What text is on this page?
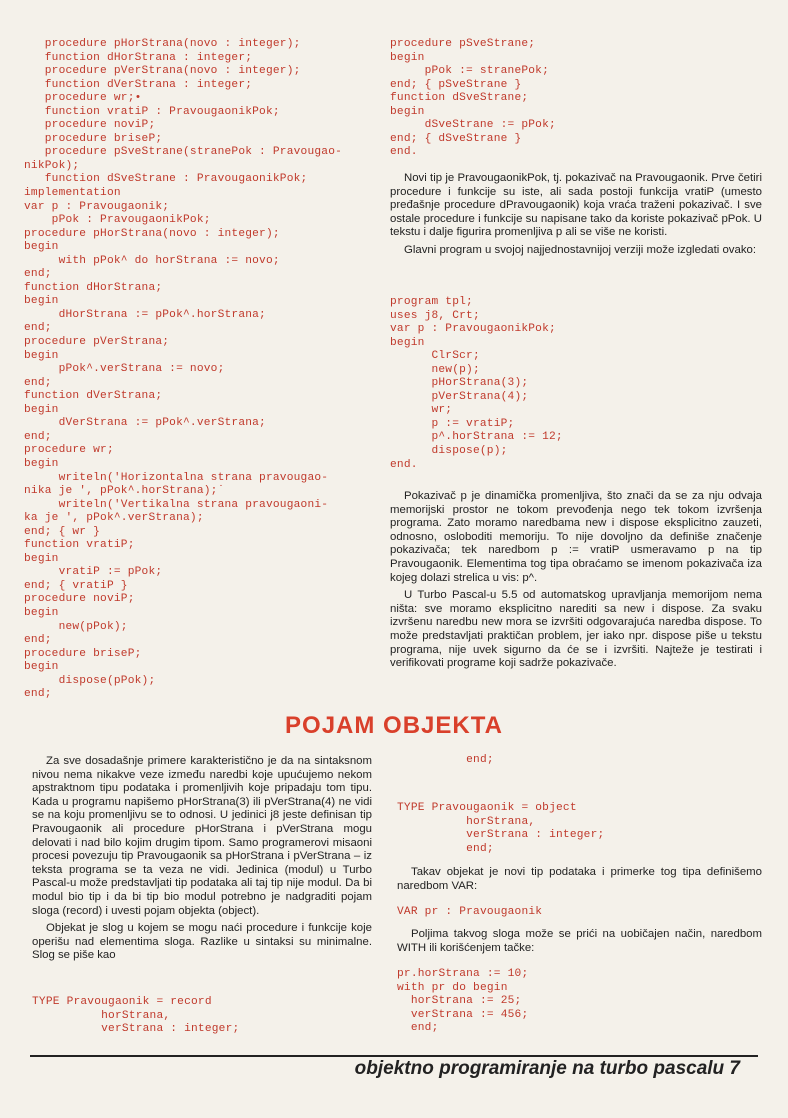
procedure pHorStrana(novo : integer);
function dHorStrana : integer;
procedure pVerStrana(novo : integer);
function dVerStrana : integer;
procedure wr;•
function vratiP : PravougaonikPok;
procedure noviP;
procedure briseP;
procedure pSveStrane(stranePok : Pravougao-
nikPok);
function dSveStrane : PravougaonikPok;
implementation
var p : Pravougaonik;
pPok : PravougaonikPok;
procedure pHorStrana(novo : integer);
begin
with pPok^ do horStrana := novo;
end;
function dHorStrana;
begin
dHorStrana := pPok^.horStrana;
end;
procedure pVerStrana;
begin
pPok^.verStrana := novo;
end;
function dVerStrana;
begin
dVerStrana := pPok^.verStrana;
end;
procedure wr;
begin
writeln('Horizontalna strana pravougao-
nika je ', pPok^.horStrana);˙
writeln('Vertikalna strana pravougaoni-
ka je ', pPok^.verStrana);
end; { wr }
function vratiP;
begin
vratiP := pPok;
end; { vratiP }
procedure noviP;
begin
new(pPok);
end;
procedure briseP;
begin
dispose(pPok);
end;
procedure pSveStrane;
begin
pPok := stranePok;
end; { pSveStrane }
function dSveStrane;
begin
dSveStrane := pPok;
end; { dSveStrane }
end.

Novi tip je PravougaonikPok, tj. pokazivač na Pravougaonik. Prve četiri procedure i funkcije su iste, ali sada postoji funkcija vratiP (umesto pređašnje procedure dPravougaonik) koja vraća traženi pokazivač. I sve ostale procedure i funkcije su napisane tako da koriste pokazivač pPok. U tekstu i dalje figurira promenljiva p ali se više ne koristi.

Glavni program u svojoj najjednostavnijoj verziji može izgledati ovako:

program tpl;
uses j8, Crt;
var p : PravougaonikPok;
begin
ClrScr;
new(p);
pHorStrana(3);
pVerStrana(4);
wr;
p := vratiP;
p^.horStrana := 12;
dispose(p);
end.

Pokazivač p je dinamička promenljiva, što znači da se za nju odvaja memorijski prostor ne tokom prevođenja nego tek tokom izvršenja programa. Zato moramo naredbama new i dispose eksplicitno zauzeti, odnosno, osloboditi memoriju. To nije dovoljno da definiše značenje pokazivača; tek naredbom p := vratiP usmeravamo p na tip Pravougaonik. Elementima tog tipa obraćamo se imenom pokazivača iza kojeg dolazi strelica u vis: p^.

U Turbo Pascal-u 5.5 od automatskog upravljanja memorijom nema ništa: sve moramo eksplicitno narediti sa new i dispose. Za svaku izvršenu naredbu new mora se izvršiti odgovarajuća naredba dispose. To može predstavljati praktičan problem, jer iako npr. dispose piše u tekstu programa, nije uvek sigurno da će se i izvršiti. Najteže je testirati i verifikovati programe koji sadrže pokazivače.

POJAM OBJEKTA

Za sve dosadašnje primere karakteristično je da na sintaksnom nivou nema nikakve veze između naredbi koje upućujemo nekom apstraktnom tipu podataka i promenljivih koje pripadaju tom tipu. Kada u programu napišemo pHorStrana(3) ili pVerStrana(4) ne vidi se na koju promenljivu se to odnosi. U jedinici j8 jeste definisan tip Pravougaonik ali procedure pHorStrana i pVerStrana mogu delovati i nad bilo kojim drugim tipom. Samo programerovi misaoni procesi povezuju tip Pravougaonik sa pHorStrana i pVerStrana – iz teksta programa se ta veza ne vidi. Jedinica (modul) u Turbo Pascal-u može predstavljati tip podataka ali taj tip nije modul. Da bi modul bio tip i da bi tip bio modul potrebno je nadgraditi pojam sloga (record) i uvesti pojam objekta (object).

Objekat je slog u kojem se mogu naći procedure i funkcije koje operišu nad elementima sloga. Razlike u sintaksi su minimalne. Slog se piše kao

TYPE Pravougaonik = record
horStrana,
verStrana : integer;
end;
TYPE Pravougaonik = object
horStrana,
verStrana : integer;
end;

Takav objekat je novi tip podataka i primerke tog tipa definišemo naredbom VAR:

VAR pr : Pravougaonik

Poljima takvog sloga može se prići na uobičajen način, naredbom WITH ili korišćenjem tačke:

pr.horStrana := 10;
with pr do begin
horStrana := 25;
verStrana := 456;
end;

objektno programiranje na turbo pascalu 7
